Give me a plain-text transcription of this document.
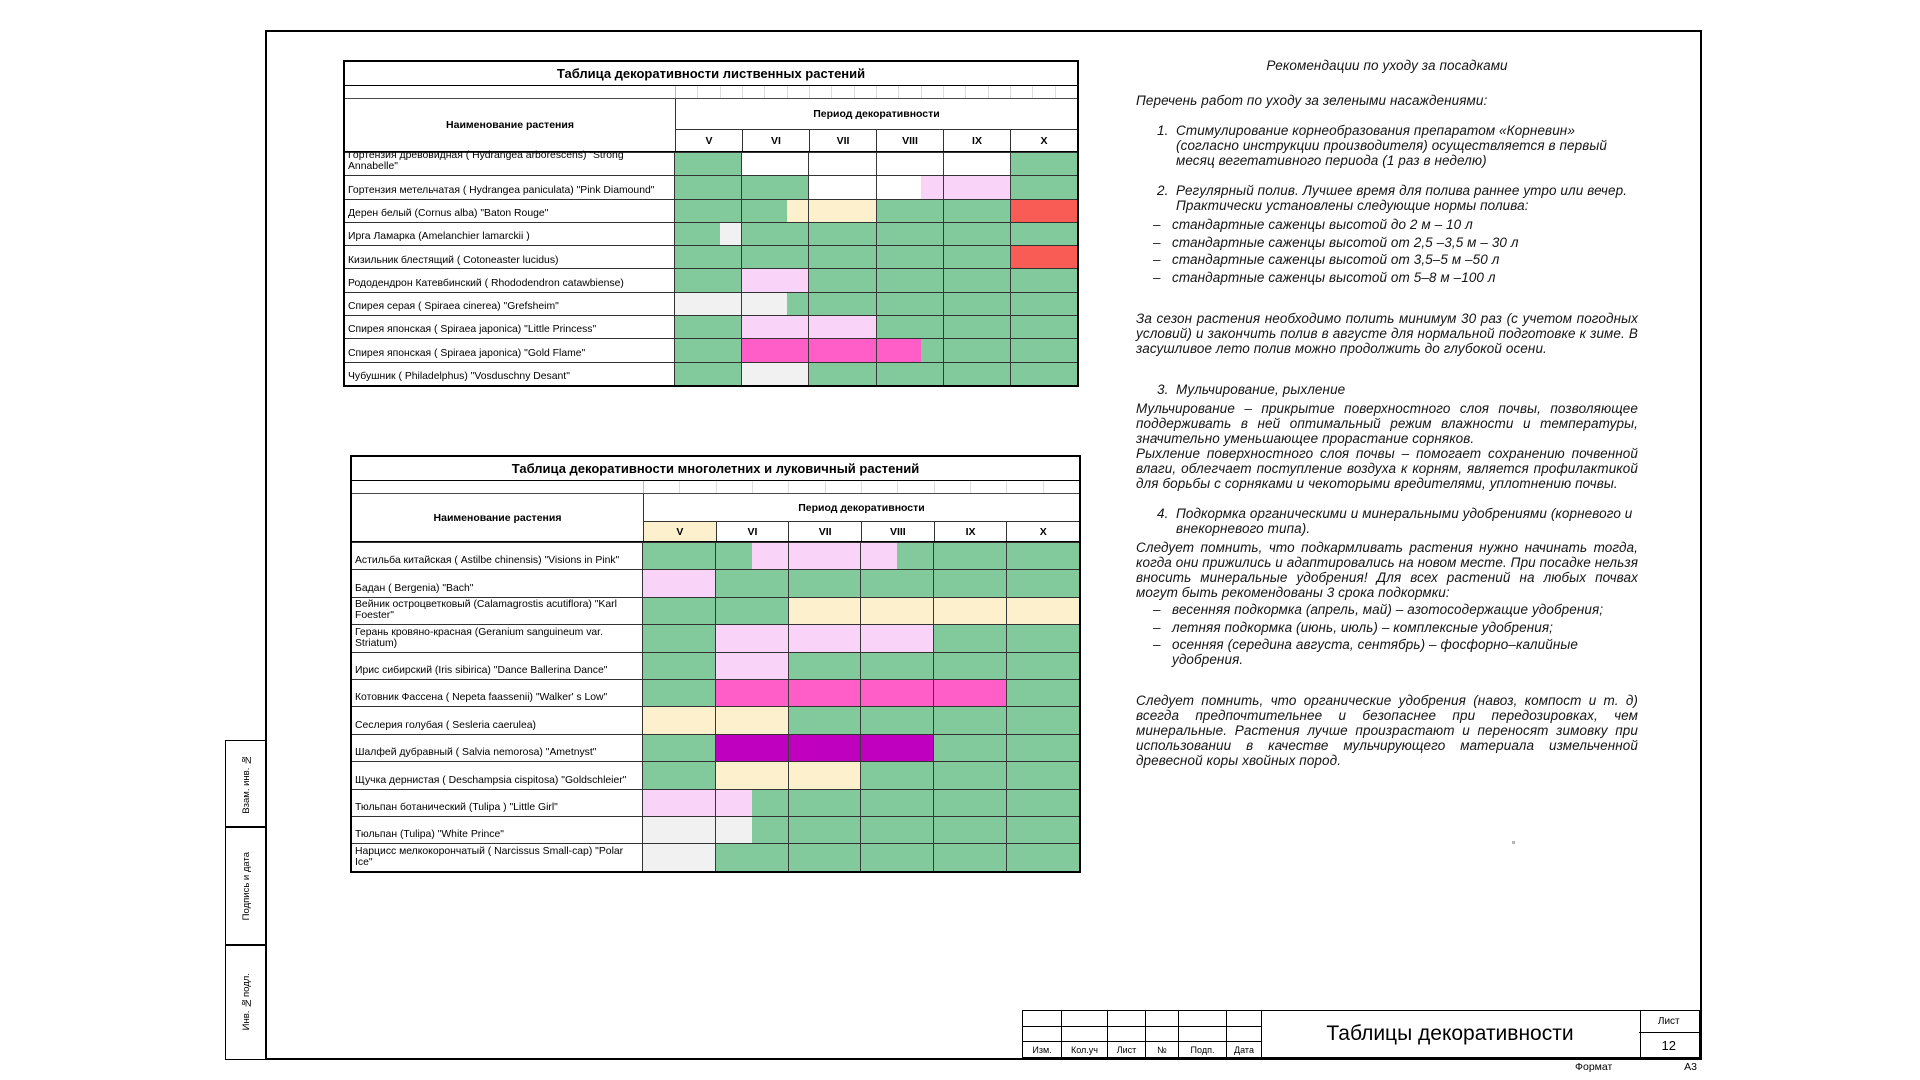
Взам. инв. №
Подпись и дата
Инв. №подл.
Таблица декоративности лиственных растений
Наименование растения
Период декоративности
V	VI	VII	VIII	IX	X
Гортензия древовидная ( Hydrangea arborescens) "Strong Annabelle"
Гортензия метельчатая ( Hydrangea paniculata) "Pink Diamound"
Дерен белый (Cornus alba) "Baton Rouge"
Ирга Ламарка (Amelanchier lamarckii )
Кизильник блестящий ( Cotoneaster lucidus)
Рододендрон Катевбинский ( Rhododendron catawbiense)
Спирея серая ( Spiraea cinerea) "Grefsheim"
Спирея японская ( Spiraea japonica) "Little Princess"
Спирея японская ( Spiraea japonica) "Gold Flame"
Чубушник ( Philadelphus) "Vosduschny Desant"
Таблица декоративности многолетних и луковичный растений
Наименование растения
Период декоративности
V	VI	VII	VIII	IX	X
Астильба китайская ( Astilbe chinensis) "Visions in Pink"
Бадан ( Bergenia) "Bach"
Вейник остроцветковый (Calamagrostis acutiflora) "Karl Foester"
Герань кровяно-красная (Geranium sanguineum var. Striatum)
Ирис сибирский (Iris sibirica) "Dance Ballerina Dance"
Котовник Фассена ( Nepeta faassenii) "Walker' s Low"
Сеслерия голубая ( Sesleria caerulea)
Шалфей дубравный ( Salvia nemorosa) "Ametnyst"
Щучка дернистая ( Deschampsia cispitosa) "Goldschleier"
Тюльпан ботанический (Tulipa ) "Little Girl"
Тюльпан (Tulipa) "White Prince"
Нарцисс мелкокорончатый ( Narcissus Small-cap) "Polar Ice"
Рекомендации по уходу за посадками
Перечень работ по уходу за зелеными насаждениями:
1. Стимулирование корнеобразования препаратом «Корневин» (согласно инструкции производителя) осуществляется в первый месяц вегетативного периода (1 раз в неделю)
2. Регулярный полив. Лучшее время для полива раннее утро или вечер. Практически установлены следующие нормы полива:
– стандартные саженцы высотой до 2 м – 10 л
– стандартные саженцы высотой от 2,5 –3,5 м – 30 л
– стандартные саженцы высотой от 3,5–5 м –50 л
– стандартные саженцы высотой от 5–8 м –100 л
За сезон растения необходимо полить минимум 30 раз (с учетом погодных условий) и закончить полив в августе для нормальной подготовке к зиме. В засушливое лето полив можно продолжить до глубокой осени.
3. Мульчирование, рыхление
Мульчирование – прикрытие поверхностного слоя почвы, позволяющее поддерживать в ней оптимальный режим влажности и температуры, значительно уменьшающее прорастание сорняков.
Рыхление поверхностного слоя почвы – помогает сохранению почвенной влаги, облегчает поступление воздуха к корням, является профилактикой для борьбы с сорняками и чекоторыми вредителями, уплотнению почвы.
4. Подкормка органическими и минеральными удобрениями (корневого и внекорневого типа).
Следует помнить, что подкармливать растения нужно начинать тогда, когда они прижились и адаптировались на новом месте. При посадке нельзя вносить минеральные удобрения! Для всех растений на любых почвах могут быть рекомендованы 3 срока подкормки:
– весенняя подкормка (апрель, май) – азотосодержащие удобрения;
– летняя подкормка (июнь, июль) – комплексные удобрения;
– осенняя (середина августа, сентябрь) – фосфорно–калийные удобрения.
Следует помнить, что органические удобрения (навоз, компост и т. д) всегда предпочтительнее и безопаснее при передозировках, чем минеральные. Растения лучше произрастают и переносят зимовку при использовании в качестве мульчирующего материала измельченной древесной коры хвойных пород.
Изм.	Кол.уч	Лист	№	Подп.	Дата
Таблицы декоративности
Лист
12
Формат	А3
